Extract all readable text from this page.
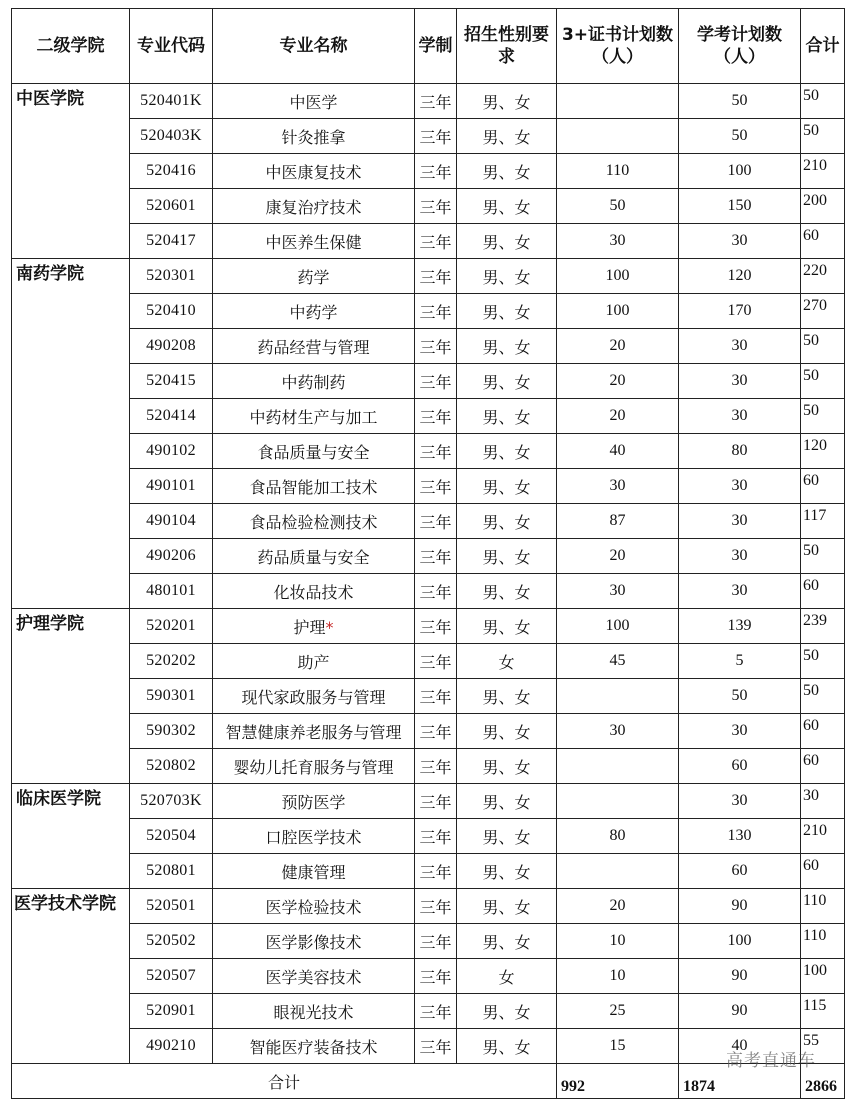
二级学院	专业代码	专业名称	学制	招生性别要求	3+证书计划数（人）	学考计划数（人）	合计
中医学院	520401K	中医学	三年	男、女		50	50
	520403K	针灸推拿	三年	男、女		50	50
	520416	中医康复技术	三年	男、女	110	100	210
	520601	康复治疗技术	三年	男、女	50	150	200
	520417	中医养生保健	三年	男、女	30	30	60
南药学院	520301	药学	三年	男、女	100	120	220
	520410	中药学	三年	男、女	100	170	270
	490208	药品经营与管理	三年	男、女	20	30	50
	520415	中药制药	三年	男、女	20	30	50
	520414	中药材生产与加工	三年	男、女	20	30	50
	490102	食品质量与安全	三年	男、女	40	80	120
	490101	食品智能加工技术	三年	男、女	30	30	60
	490104	食品检验检测技术	三年	男、女	87	30	117
	490206	药品质量与安全	三年	男、女	20	30	50
	480101	化妆品技术	三年	男、女	30	30	60
护理学院	520201	护理*	三年	男、女	100	139	239
	520202	助产	三年	女	45	5	50
	590301	现代家政服务与管理	三年	男、女		50	50
	590302	智慧健康养老服务与管理	三年	男、女	30	30	60
	520802	婴幼儿托育服务与管理	三年	男、女		60	60
临床医学院	520703K	预防医学	三年	男、女		30	30
	520504	口腔医学技术	三年	男、女	80	130	210
	520801	健康管理	三年	男、女		60	60
医学技术学院	520501	医学检验技术	三年	男、女	20	90	110
	520502	医学影像技术	三年	男、女	10	100	110
	520507	医学美容技术	三年	女	10	90	100
	520901	眼视光技术	三年	男、女	25	90	115
	490210	智能医疗装备技术	三年	男、女	15	40	55
合计					992	1874	2866
高考直通车
